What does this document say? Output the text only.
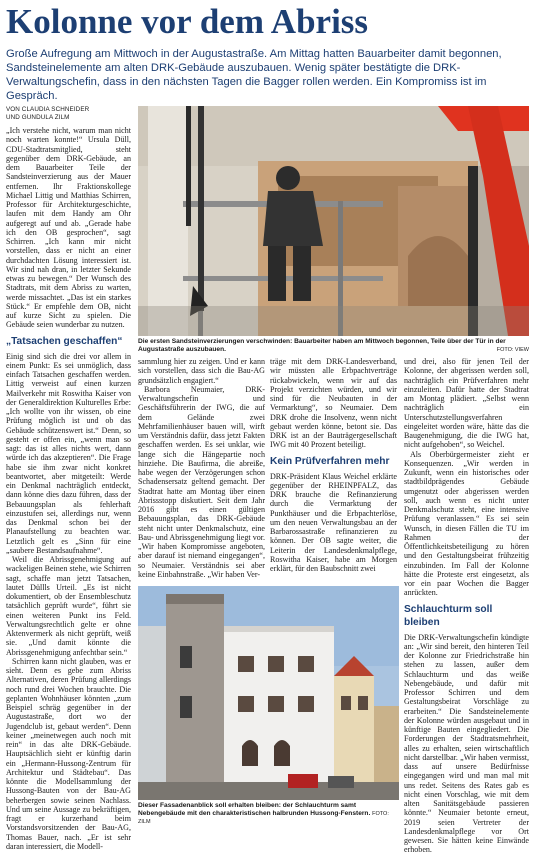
Kolonne vor dem Abriss
Große Aufregung am Mittwoch in der Augustastraße. Am Mittag hatten Bauarbeiter damit begonnen, Sandsteinelemente am alten DRK-Gebäude auszubauen. Wenig später bestätigte die DRK-Verwaltungschefin, dass in den nächsten Tagen die Bagger rollen werden. Ein Kompromiss ist im Gespräch.
VON CLAUDIA SCHNEIDER
UND GUNDULA ZILM

„Ich verstehe nicht, warum man nicht noch warten konnte!“ Ursula Düll, CDU-Stadtratsmitglied, steht gegenüber dem DRK-Gebäude, an dem Bauarbeiter Teile der Sandsteinverzierung aus der Mauer entfernen. Ihr Fraktionskollege Michael Littig und Matthias Schirren, Professor für Architekturgeschichte, laufen mit dem Handy am Ohr aufgeregt auf und ab. „Gerade habe ich den OB gesprochen“, sagt Schirren. „Ich kann mir nicht vorstellen, dass er nicht an einer durchdachten Lösung interessiert ist. Wir sind nah dran, in letzter Sekunde etwas zu bewegen.“ Der Wunsch des Stadtrats, mit dem Abriss zu warten, werde missachtet. „Das ist ein starkes Stück.“ Er empfehle dem OB, nicht auf kurze Sicht zu spielen. Die Gebäude seien wunderbar zu nutzen.

„Tatsachen geschaffen“

Einig sind sich die drei vor allem in einem Punkt: Es sei unmöglich, dass einfach Tatsachen geschaffen werden. Littig verweist auf einen kurzen Mailverkehr mit Roswitha Kaiser von der Generaldirektion Kulturelles Erbe: „Ich wollte von ihr wissen, ob eine Prüfung möglich ist und ob das Gebäude schützenswert ist.“ Denn, so gesteht er offen ein, „wenn man so sagt: das ist alles nichts wert, dann würde ich das akzeptieren“. Die Frage habe sie ihm zwar nicht konkret beantwortet, aber mitgeteilt: Werde ein Denkmal nachträglich entdeckt, dann könne dies dazu führen, dass der Bebauungsplan als fehlerhaft einzustufen sei, allerdings nur, wenn das Denkmal schon bei der Planaufstellung zu beachten war. Letztlich gelt es „Sinn für eine „saubere Bestandsaufnahme“.

Weil die Abrissgenehmigung auf wackeligen Beinen stehe, wie Schirren sagt, schaffe man jetzt Tatsachen, lautet Düllls Urteil. „Es ist nicht dokumentiert, ob der Ensembleschutz tatsächlich geprüft wurde“, führt sie einen weiteren Punkt ins Feld. Verwaltungsrechtlich gelte er ohne Aktenvermerk als nicht geprüft, weiß sie. „Und damit könnte die Abrissgenehmigung anfechtbar sein.“

Schirren kann nicht glauben, was er sieht. Denn es gebe zum Abriss Alternativen, deren Prüfung allerdings noch rund drei Wochen brauchte. Die geplanten Wohnhäuser könnten „zum Beispiel schräg gegenüber in der Augustastraße, dort wo der Jugendclub ist, gebaut werden“. Denn keiner „meinetwegen auch noch mit rein“ in das alte DRK-Gebäude. Hauptsächlich sieht er künftig darin ein „Hermann-Hussong-Zentrum für Architektur und Städtebau“. Das könnte die Modellsammlung der Hussong-Bauten von der Bau-AG beherbergen sowie seinen Nachlass. Und um seine Aussage zu bekräftigen, fragt er kurzerhand beim Vorstandsvorsitzenden der Bau-AG, Thomas Bauer, nach. „Er ist sehr daran interessiert, die Modell-

Die ersten Sandsteinverzierungen verschwinden: Bauarbeiter haben am Mittwoch begonnen, Teile über der Tür in der Augustastraße auszubauen.	FOTO: VIEW

sammlung hier zu zeigen. Und er kann sich vorstellen, dass sich die Bau-AG grundsätzlich engagiert.“

Barbora Neumaier, DRK-Verwaltungschefin und Geschäftsführerin der IWG, die auf dem Gelände zwei Mehrfamilienhäuser bauen will, wirft um Verständnis dafür, dass jetzt Fakten geschaffen werden. Es sei unklar, wie lange sich die Hängepartie noch hinziehe. Die Baufirma, die abreiße, habe wegen der Verzögerungen schon Schadensersatz geltend gemacht. Der Stadtrat hatte am Montag über einen Abrissstopp diskutiert. Seit dem Jahr 2016 gibt es einen gültigen Bebauungsplan, das DRK-Gebäude steht nicht unter Denkmalschutz, eine Bau- und Abrissgenehmigung liegt vor. „Wir haben Kompromisse angeboten, aber darauf ist niemand eingegangen“, so Neumaier. Verständnis sei aber keine Einbahnstraße. „Wir haben Ver-

träge mit dem DRK-Landesverband, wir müssten alle Erbpachtverträge rückabwickeln, wenn wir auf das Projekt verzichten würden, und wir sind für die Neubauten in der Vermarktung“, so Neumaier. Dem DRK drohe die Insolvenz, wenn nicht gebaut werden könne, betont sie. Das DRK ist an der Bauträgergesellschaft IWG mit 40 Prozent beteiligt.

Kein Prüfverfahren mehr

DRK-Präsident Klaus Weichel erklärte gegenüber der RHEINPFALZ, das DRK brauche die Refinanzierung durch die Vermarktung der Punkthäuser und die Erbpachterlöse, um den neuen Verwaltungsbau an der Barbarossastraße refinanzieren zu können. Der OB sagte weiter, die Leiterin der Landesdenkmalpflege, Roswitha Kaiser, habe am Morgen erklärt, für den Baubschnitt zwei

Dieser Fassadenanblick soll erhalten bleiben: der Schlauchturm samt Nebengebäude mit den charakteristischen halbrunden Hussong-Fenstern. FOTO: ZILM

und drei, also für jenen Teil der Kolonne, der abgerissen werden soll, nachträglich ein Prüfverfahren mehr einzuleiten. Dafür hatte der Stadtrat am Montag plädiert. „Selbst wenn nachträglich ein Unterschutzstellungsverfahren eingeleitet worden wäre, hätte das die Baugenehmigung, die die IWG hat, nicht aufgehoben“, so Weichel.

Als Oberbürgermeister zieht er Konsequenzen. „Wir werden in Zukunft, wenn ein historisches oder stadtbildprägendes Gebäude umgenutzt oder abgerissen werden soll, auch wenn es nicht unter Denkmalschutz steht, eine intensive Prüfung veranlassen.“ Es sei sein Wunsch, in diesen Fällen die TU im Rahmen der Öffentlichkeitsbeteiligung zu hören und den Gestaltungsbeirat frühzeitig einzubinden. Im Fall der Kolonne hätte die Proteste erst eingesetzt, als vor ein paar Wochen die Bagger anrückten.

Schlauchturm soll bleiben

Die DRK-Verwaltungschefin kündigte an: „Wir sind bereit, den hinteren Teil der Kolonne zur Friedrichstraße hin stehen zu lassen, außer dem Schlauchturm und das weiße Nebengebäude, und dafür mit Professor Schirren und dem Gestaltungsbeirat Vorschläge zu erarbeiten.“ Die Sandsteinelemente der Kolonne würden ausgebaut und in künftige Bauten eingegliedert. Die Forderungen der Stadtratsmehrheit, alles zu erhalten, seien wirtschaftlich nicht darstellbar. „Wir haben vermisst, dass auf unsere Bedürfnisse eingegangen wird und man mal mit uns redet. Seitens des Rates gab es nicht einen Vorschlag, wie mit dem alten Sanitätsgebäude passieren könnte.“ Neumaier betonte erneut, 2019 seien Vertreter der Landesdenkmalpflege vor Ort gewesen. Sie hätten keine Einwände erhoben.
